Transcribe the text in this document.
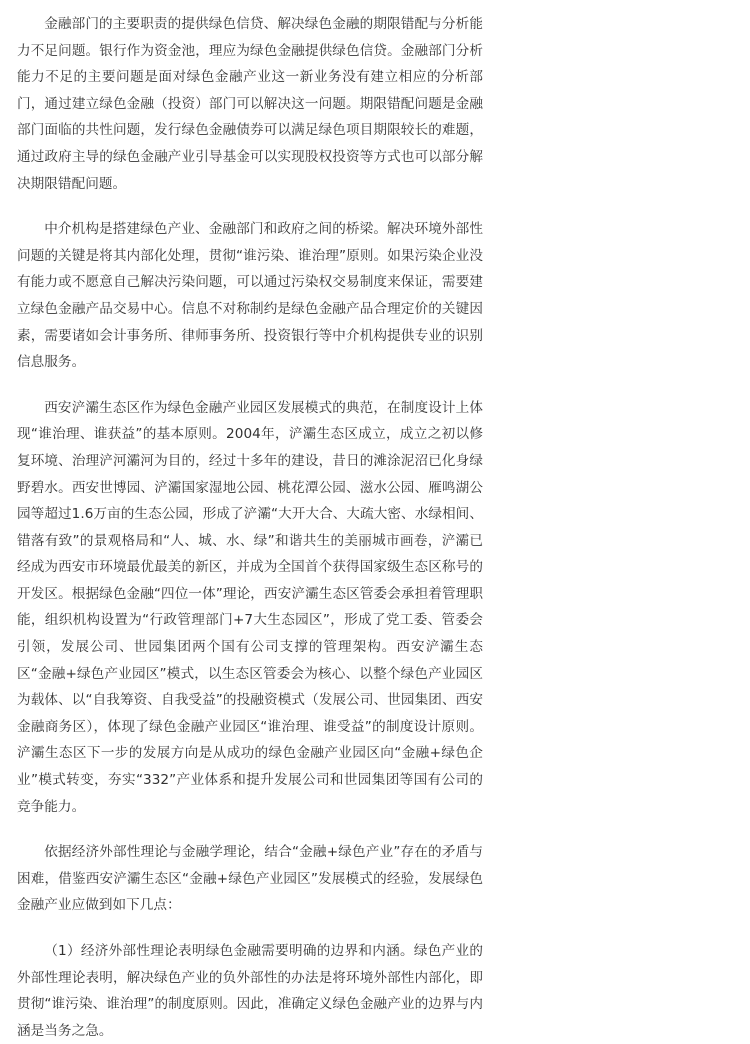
金融部门的主要职责的提供绿色信贷、解决绿色金融的期限错配与分析能力不足问题。银行作为资金池，理应为绿色金融提供绿色信贷。金融部门分析能力不足的主要问题是面对绿色金融产业这一新业务没有建立相应的分析部门，通过建立绿色金融（投资）部门可以解决这一问题。期限错配问题是金融部门面临的共性问题，发行绿色金融债券可以满足绿色项目期限较长的难题，通过政府主导的绿色金融产业引导基金可以实现股权投资等方式也可以部分解决期限错配问题。

中介机构是搭建绿色产业、金融部门和政府之间的桥梁。解决环境外部性问题的关键是将其内部化处理，贯彻“谁污染、谁治理”原则。如果污染企业没有能力或不愿意自己解决污染问题，可以通过污染权交易制度来保证，需要建立绿色金融产品交易中心。信息不对称制约是绿色金融产品合理定价的关键因素，需要诸如会计事务所、律师事务所、投资银行等中介机构提供专业的识别信息服务。

西安浐灞生态区作为绿色金融产业园区发展模式的典范，在制度设计上体现“谁治理、谁获益”的基本原则。2004年，浐灞生态区成立，成立之初以修复环境、治理浐河灞河为目的，经过十多年的建设，昔日的滩涂泥沼已化身绿野碧水。西安世博园、浐灞国家湿地公园、桃花潭公园、滋水公园、雁鸣湖公园等超过1.6万亩的生态公园，形成了浐灞“大开大合、大疏大密、水绿相间、错落有致”的景观格局和“人、城、水、绿”和谐共生的美丽城市画卷，浐灞已经成为西安市环境最优最美的新区，并成为全国首个获得国家级生态区称号的开发区。根据绿色金融“四位一体”理论，西安浐灞生态区管委会承担着管理职能，组织机构设置为“行政管理部门+7大生态园区”，形成了党工委、管委会引领，发展公司、世园集团两个国有公司支撑的管理架构。西安浐灞生态区“金融+绿色产业园区”模式，以生态区管委会为核心、以整个绿色产业园区为载体、以“自我筹资、自我受益”的投融资模式（发展公司、世园集团、西安金融商务区），体现了绿色金融产业园区“谁治理、谁受益”的制度设计原则。浐灞生态区下一步的发展方向是从成功的绿色金融产业园区向“金融+绿色企业”模式转变，夯实“332”产业体系和提升发展公司和世园集团等国有公司的竞争能力。

依据经济外部性理论与金融学理论，结合“金融+绿色产业”存在的矛盾与困难，借鉴西安浐灞生态区“金融+绿色产业园区”发展模式的经验，发展绿色金融产业应做到如下几点：

（1）经济外部性理论表明绿色金融需要明确的边界和内涵。绿色产业的外部性理论表明，解决绿色产业的负外部性的办法是将环境外部性内部化，即贯彻“谁污染、谁治理”的制度原则。因此，准确定义绿色金融产业的边界与内涵是当务之急。
